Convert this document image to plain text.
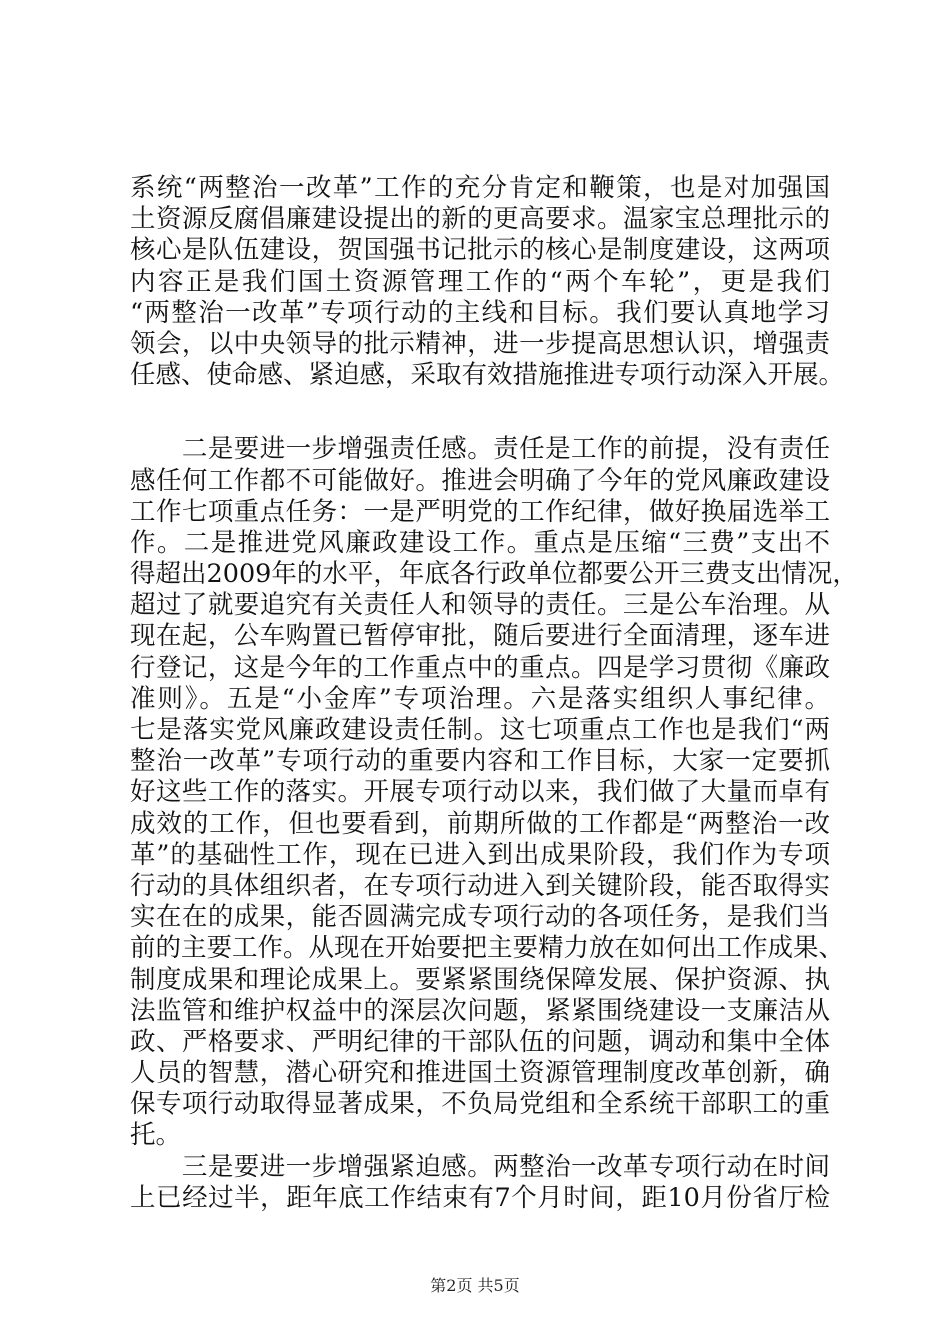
系统“两整治一改革”工作的充分肯定和鞭策，也是对加强国
土资源反腐倡廉建设提出的新的更高要求。温家宝总理批示的
核心是队伍建设，贺国强书记批示的核心是制度建设，这两项
内容正是我们国土资源管理工作的“两个车轮”，更是我们
“两整治一改革”专项行动的主线和目标。我们要认真地学习
领会，以中央领导的批示精神，进一步提高思想认识，增强责
任感、使命感、紧迫感，采取有效措施推进专项行动深入开展。
　　二是要进一步增强责任感。责任是工作的前提，没有责任
感任何工作都不可能做好。推进会明确了今年的党风廉政建设
工作七项重点任务：一是严明党的工作纪律，做好换届选举工
作。二是推进党风廉政建设工作。重点是压缩“三费”支出不
得超出2009年的水平，年底各行政单位都要公开三费支出情况，
超过了就要追究有关责任人和领导的责任。三是公车治理。从
现在起，公车购置已暂停审批，随后要进行全面清理，逐车进
行登记，这是今年的工作重点中的重点。四是学习贯彻《廉政
准则》。五是“小金库”专项治理。六是落实组织人事纪律。
七是落实党风廉政建设责任制。这七项重点工作也是我们“两
整治一改革”专项行动的重要内容和工作目标，大家一定要抓
好这些工作的落实。开展专项行动以来，我们做了大量而卓有
成效的工作，但也要看到，前期所做的工作都是“两整治一改
革”的基础性工作，现在已进入到出成果阶段，我们作为专项
行动的具体组织者，在专项行动进入到关键阶段，能否取得实
实在在的成果，能否圆满完成专项行动的各项任务，是我们当
前的主要工作。从现在开始要把主要精力放在如何出工作成果、
制度成果和理论成果上。要紧紧围绕保障发展、保护资源、执
法监管和维护权益中的深层次问题，紧紧围绕建设一支廉洁从
政、严格要求、严明纪律的干部队伍的问题，调动和集中全体
人员的智慧，潜心研究和推进国土资源管理制度改革创新，确
保专项行动取得显著成果，不负局党组和全系统干部职工的重
托。
　　三是要进一步增强紧迫感。两整治一改革专项行动在时间
上已经过半，距年底工作结束有7个月时间，距10月份省厅检
第2页 共5页
